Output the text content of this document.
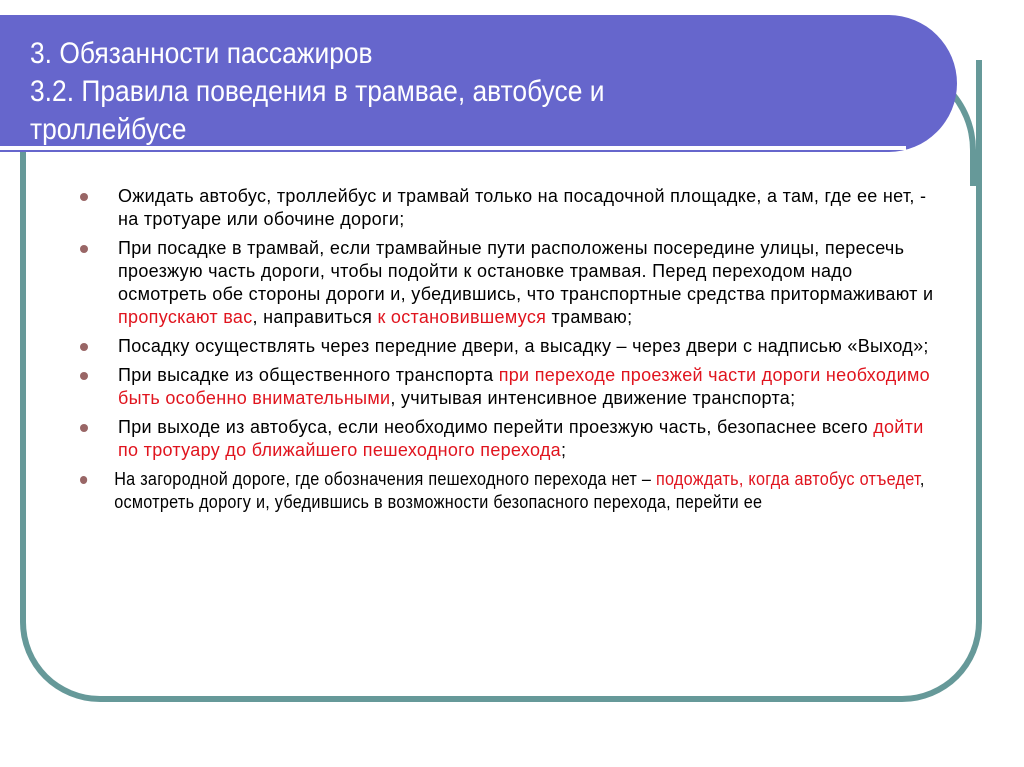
3. Обязанности пассажиров
3.2. Правила поведения в трамвае, автобусе и
троллейбусе
Ожидать автобус, троллейбус и трамвай только на посадочной площадке, а там, где ее нет, - на тротуаре или обочине дороги;
При посадке в трамвай, если трамвайные пути расположены посередине улицы, пересечь проезжую часть дороги, чтобы подойти к остановке трамвая. Перед переходом надо осмотреть обе стороны дороги и, убедившись, что транспортные средства притормаживают и пропускают вас, направиться к остановившемуся трамваю;
Посадку осуществлять через передние двери, а высадку – через двери с надписью «Выход»;
При высадке из общественного транспорта при переходе проезжей части дороги необходимо быть особенно внимательными, учитывая интенсивное движение транспорта;
При выходе из автобуса, если необходимо перейти проезжую часть, безопаснее всего дойти по тротуару до ближайшего пешеходного перехода;
На загородной дороге, где обозначения пешеходного перехода нет – подождать, когда автобус отъедет, осмотреть дорогу и, убедившись в возможности безопасного перехода, перейти ее
